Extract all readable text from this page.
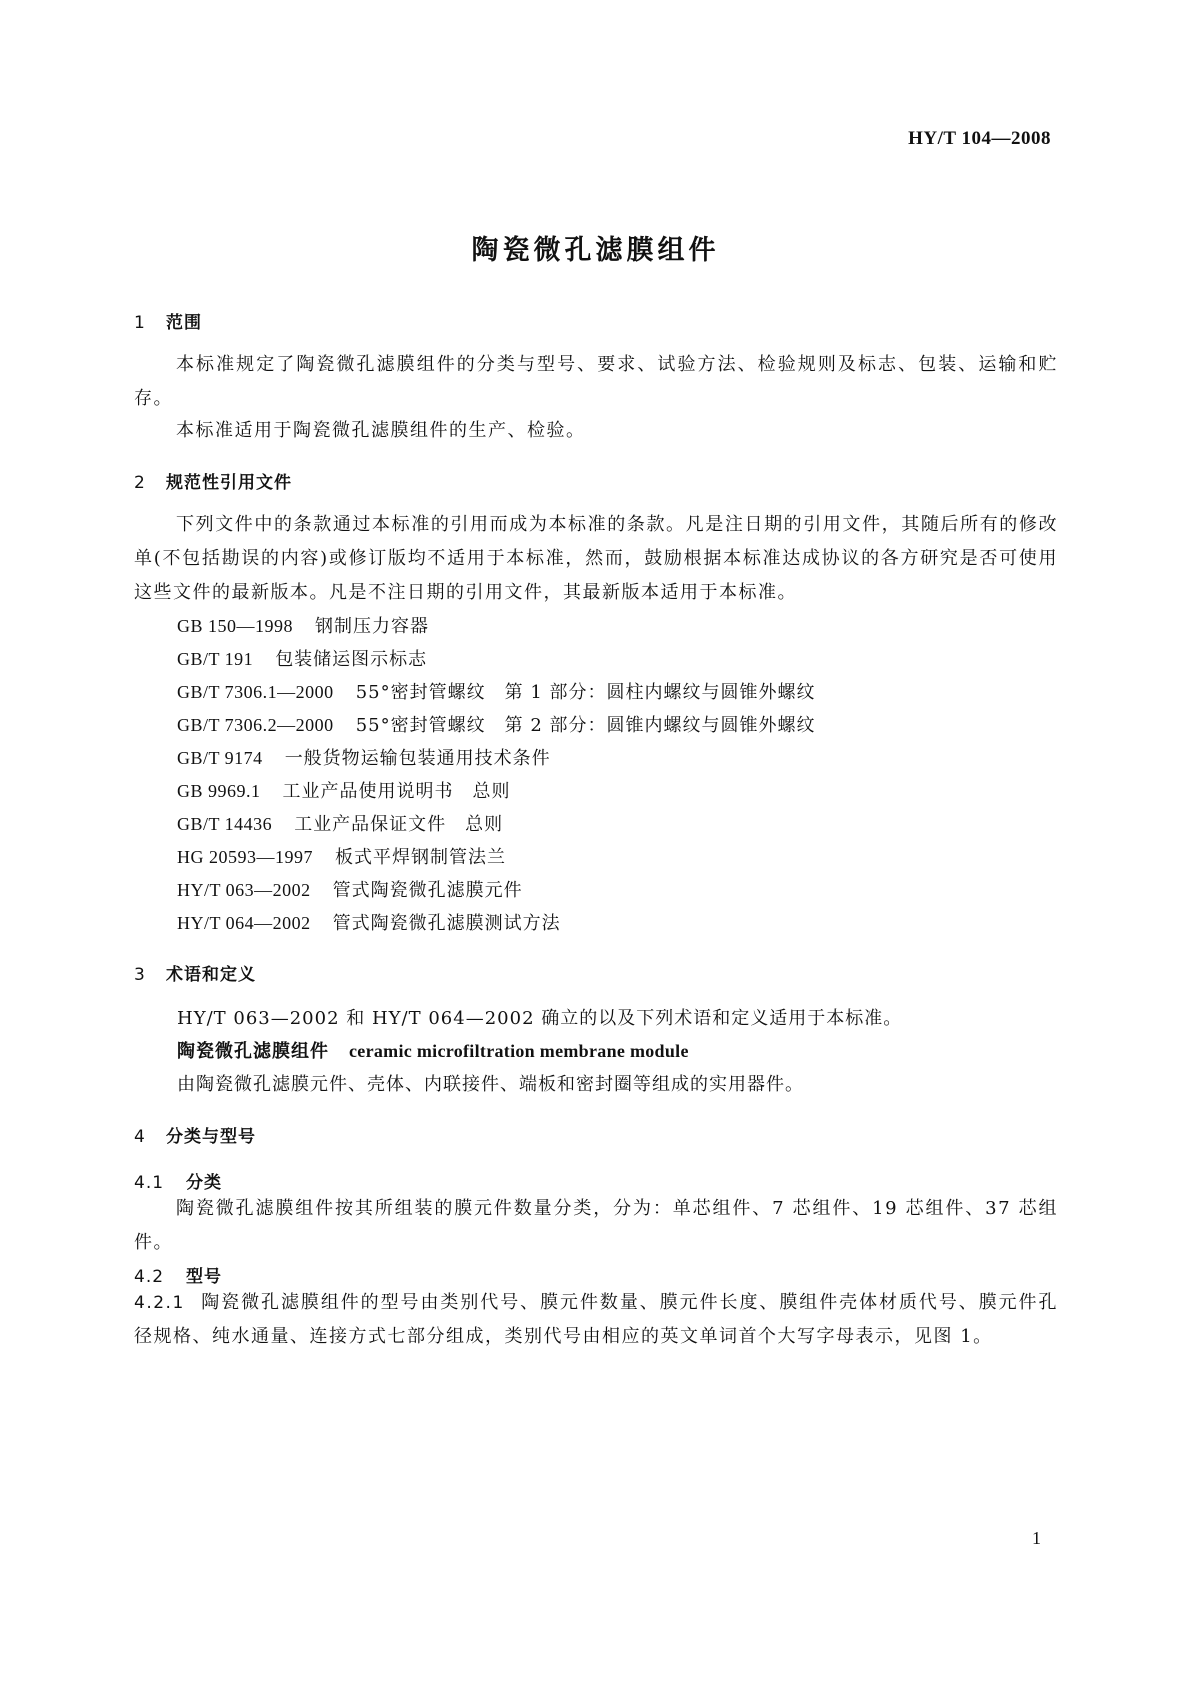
HY/T 104—2008
陶瓷微孔滤膜组件
1 范围
本标准规定了陶瓷微孔滤膜组件的分类与型号、要求、试验方法、检验规则及标志、包装、运输和贮存。
本标准适用于陶瓷微孔滤膜组件的生产、检验。
2 规范性引用文件
下列文件中的条款通过本标准的引用而成为本标准的条款。凡是注日期的引用文件，其随后所有的修改单(不包括勘误的内容)或修订版均不适用于本标准，然而，鼓励根据本标准达成协议的各方研究是否可使用这些文件的最新版本。凡是不注日期的引用文件，其最新版本适用于本标准。
GB 150—1998 钢制压力容器
GB/T 191 包装储运图示标志
GB/T 7306.1—2000 55°密封管螺纹　第 1 部分：圆柱内螺纹与圆锥外螺纹
GB/T 7306.2—2000 55°密封管螺纹　第 2 部分：圆锥内螺纹与圆锥外螺纹
GB/T 9174 一般货物运输包装通用技术条件
GB 9969.1 工业产品使用说明书　总则
GB/T 14436 工业产品保证文件　总则
HG 20593—1997 板式平焊钢制管法兰
HY/T 063—2002 管式陶瓷微孔滤膜元件
HY/T 064—2002 管式陶瓷微孔滤膜测试方法
3 术语和定义
HY/T 063—2002 和 HY/T 064—2002 确立的以及下列术语和定义适用于本标准。
陶瓷微孔滤膜组件 ceramic microfiltration membrane module
由陶瓷微孔滤膜元件、壳体、内联接件、端板和密封圈等组成的实用器件。
4 分类与型号
4.1 分类
陶瓷微孔滤膜组件按其所组装的膜元件数量分类，分为：单芯组件、7 芯组件、19 芯组件、37 芯组件。
4.2 型号
4.2.1 陶瓷微孔滤膜组件的型号由类别代号、膜元件数量、膜元件长度、膜组件壳体材质代号、膜元件孔径规格、纯水通量、连接方式七部分组成，类别代号由相应的英文单词首个大写字母表示，见图 1。
1
